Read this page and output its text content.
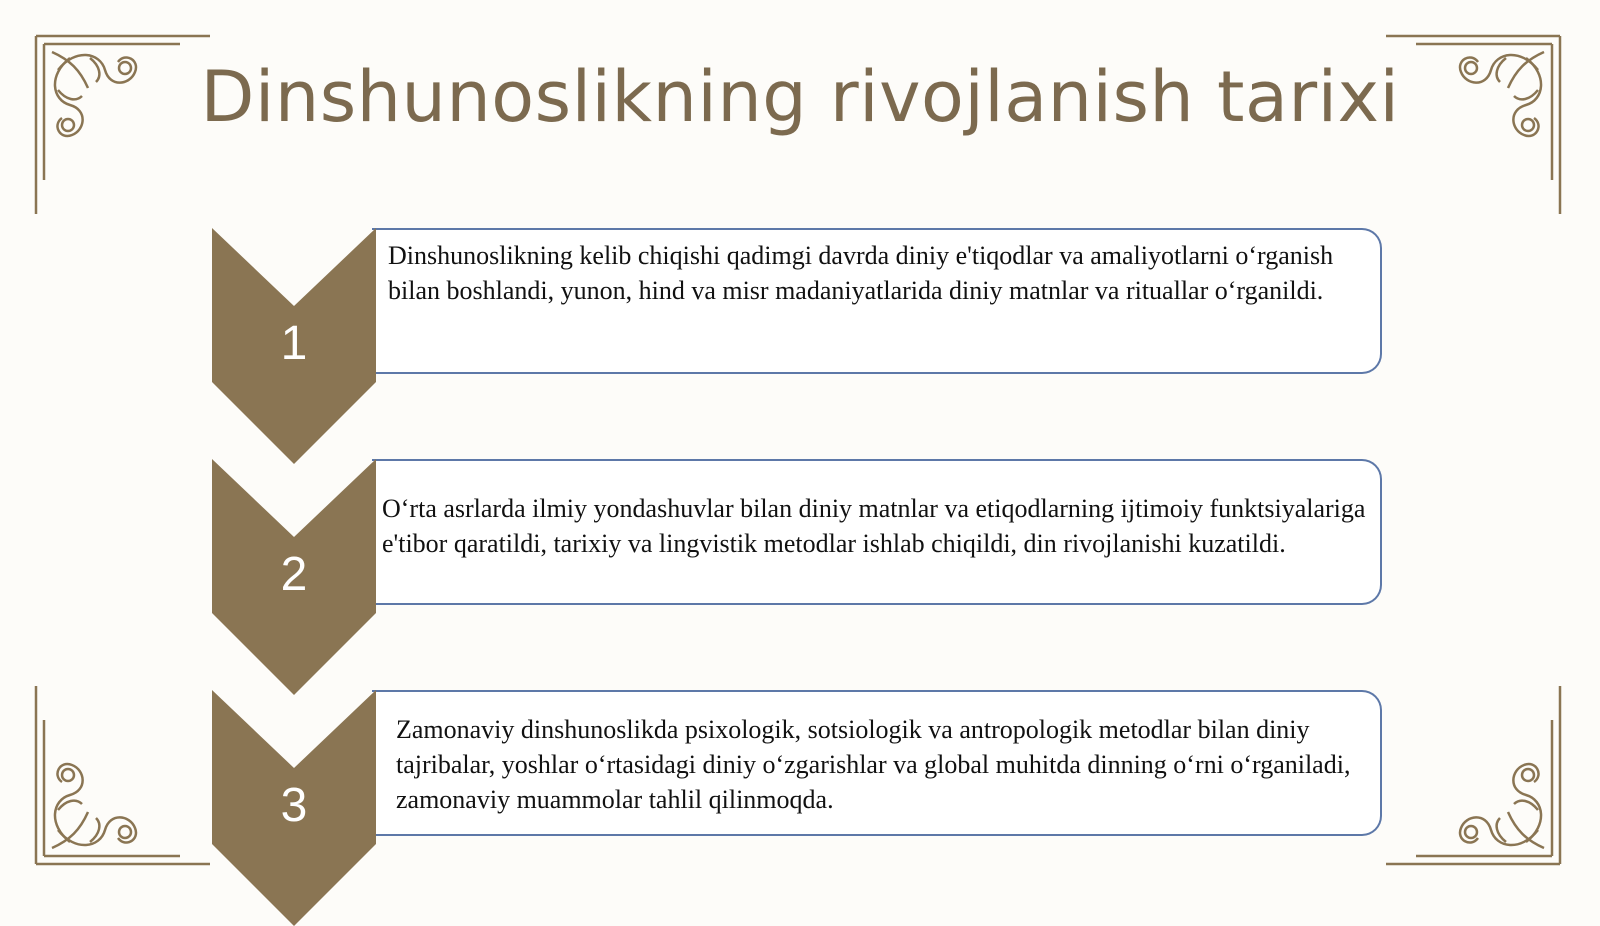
Dinshunoslikning rivojlanish tarixi
Dinshunoslikning kelib chiqishi qadimgi davrda diniy e'tiqodlar va amaliyotlarni o‘rganish bilan boshlandi, yunon, hind va misr madaniyatlarida diniy matnlar va rituallar o‘rganildi.
1
O‘rta asrlarda ilmiy yondashuvlar bilan diniy matnlar va etiqodlarning ijtimoiy funktsiyalariga e'tibor qaratildi, tarixiy va lingvistik metodlar ishlab chiqildi, din rivojlanishi kuzatildi.
2
Zamonaviy dinshunoslikda psixologik, sotsiologik va antropologik metodlar bilan diniy tajribalar, yoshlar o‘rtasidagi diniy o‘zgarishlar va global muhitda dinning o‘rni o‘rganiladi, zamonaviy muammolar tahlil qilinmoqda.
3
